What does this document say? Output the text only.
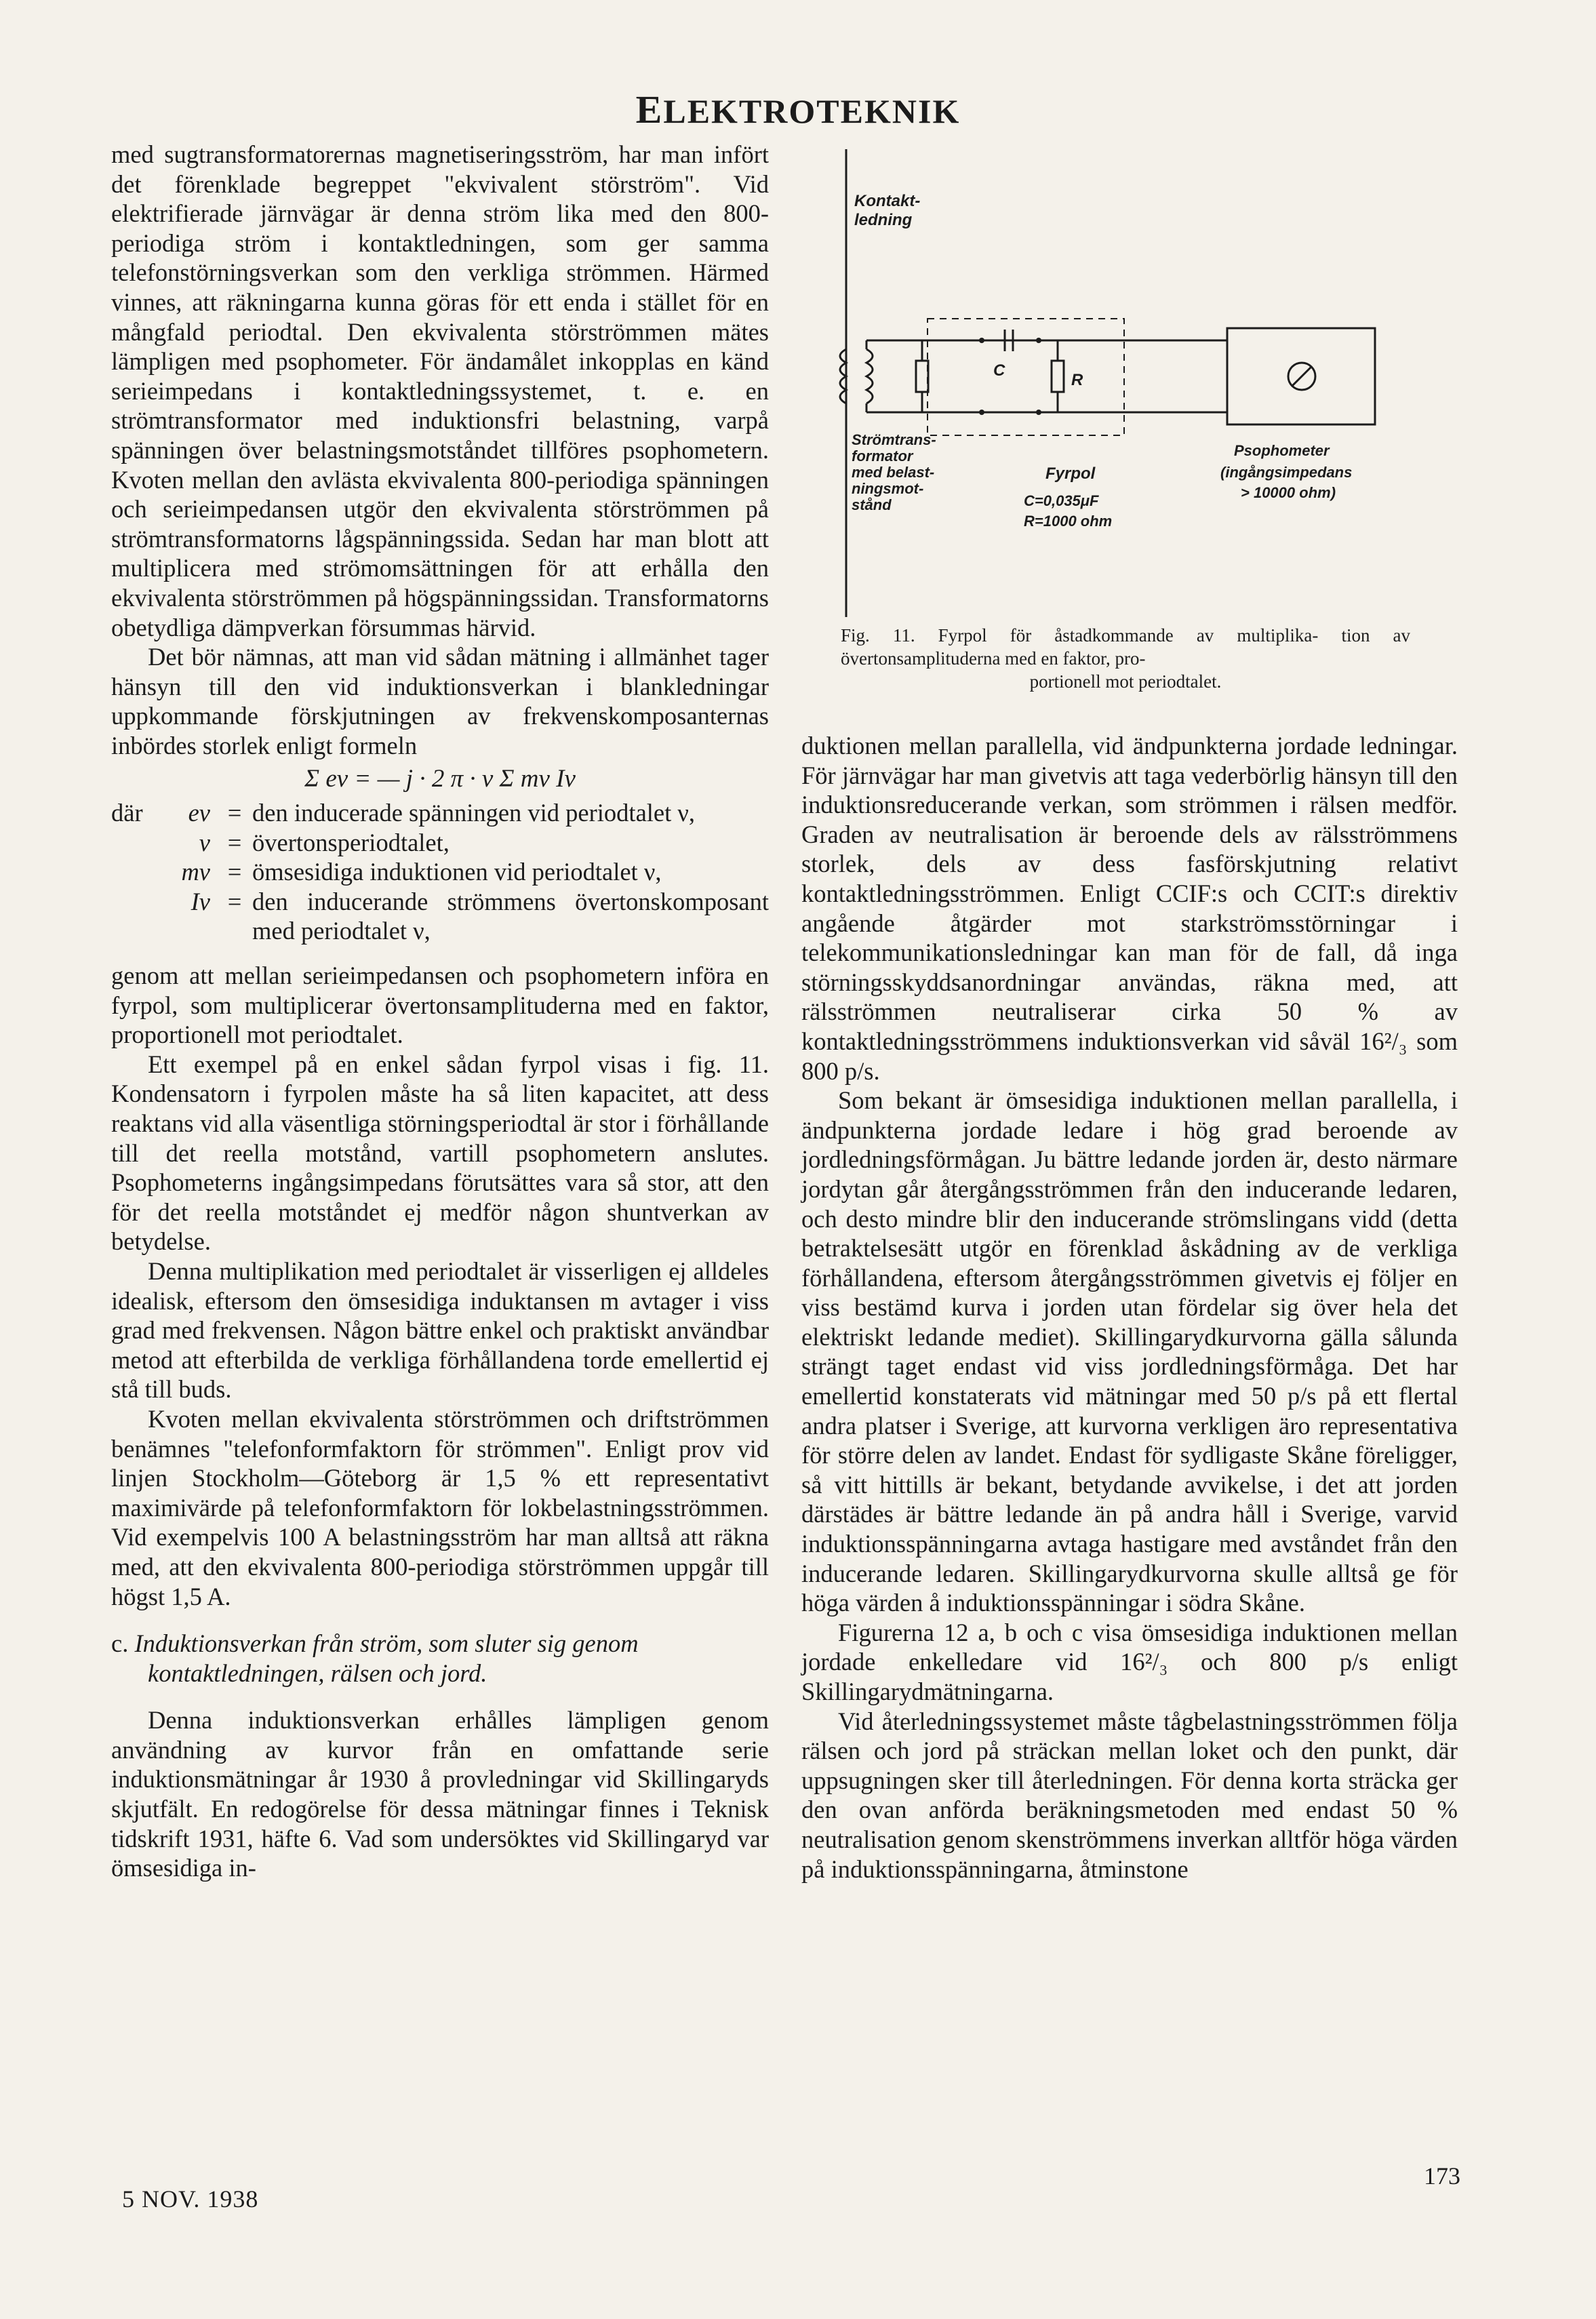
ELEKTROTEKNIK

med sugtransformatorernas magnetiseringsström, har man infört det förenklade begreppet "ekvivalent störström". Vid elektrifierade järnvägar är denna ström lika med den 800-periodiga ström i kontaktledningen, som ger samma telefonstörningsverkan som den verkliga strömmen. Härmed vinnes, att räkningarna kunna göras för ett enda i stället för en mångfald periodtal. Den ekvivalenta störströmmen mätes lämpligen med psophometer. För ändamålet inkopplas en känd serieimpedans i kontaktledningssystemet, t. e. en strömtransformator med induktionsfri belastning, varpå spänningen över belastningsmotståndet tillföres psophometern. Kvoten mellan den avlästa ekvivalenta 800-periodiga spänningen och serieimpedansen utgör den ekvivalenta störströmmen på strömtransformatorns lågspänningssida. Sedan har man blott att multiplicera med strömomsättningen för att erhålla den ekvivalenta störströmmen på högspänningssidan. Transformatorns obetydliga dämpverkan försummas härvid.

Det bör nämnas, att man vid sådan mätning i allmänhet tager hänsyn till den vid induktionsverkan i blankledningar uppkommande förskjutningen av frekvenskomposanternas inbördes storlek enligt formeln

Σ eν = — j · 2 π · ν Σ mν Iν
där	eν = den inducerade spänningen vid periodtalet ν,
ν = övertonsperiodtalet,
mν = ömsesidiga induktionen vid periodtalet ν,
Iν = den inducerande strömmens övertonskomposant med periodtalet ν,

genom att mellan serieimpedansen och psophometern införa en fyrpol, som multiplicerar övertonsamplituderna med en faktor, proportionell mot periodtalet.

Ett exempel på en enkel sådan fyrpol visas i fig. 11. Kondensatorn i fyrpolen måste ha så liten kapacitet, att dess reaktans vid alla väsentliga störningsperiodtal är stor i förhållande till det reella motstånd, vartill psophometern anslutes. Psophometerns ingångsimpedans förutsättes vara så stor, att den för det reella motståndet ej medför någon shuntverkan av betydelse.

Denna multiplikation med periodtalet är visserligen ej alldeles idealisk, eftersom den ömsesidiga induktansen m avtager i viss grad med frekvensen. Någon bättre enkel och praktiskt användbar metod att efterbilda de verkliga förhållandena torde emellertid ej stå till buds.

Kvoten mellan ekvivalenta störströmmen och driftströmmen benämnes "telefonformfaktorn för strömmen". Enligt prov vid linjen Stockholm—Göteborg är 1,5 % ett representativt maximivärde på telefonformfaktorn för lokbelastningsströmmen. Vid exempelvis 100 A belastningsström har man alltså att räkna med, att den ekvivalenta 800-periodiga störströmmen uppgår till högst 1,5 A.

c. Induktionsverkan från ström, som sluter sig genom
kontaktledningen, rälsen och jord.

Denna induktionsverkan erhålles lämpligen genom användning av kurvor från en omfattande serie induktionsmätningar år 1930 å provledningar vid Skillingaryds skjutfält. En redogörelse för dessa mätningar finnes i Teknisk tidskrift 1931, häfte 6. Vad som undersöktes vid Skillingaryd var ömsesidiga in-

Kontakt-
ledning
C
R
Strömtrans-
formator
med belast-
ningsmot-
stånd
Fyrpol
C=0,035μF
R=1000 ohm
Psophometer
(ingångsimpedans
> 10000 ohm)
Fig. 11. Fyrpol för åstadkommande av multiplika- tion av övertonsamplituderna med en faktor, pro-
portionell mot periodtalet.

duktionen mellan parallella, vid ändpunkterna jordade ledningar. För järnvägar har man givetvis att taga vederbörlig hänsyn till den induktionsreducerande verkan, som strömmen i rälsen medför. Graden av neutralisation är beroende dels av rälsströmmens storlek, dels av dess fasförskjutning relativt kontaktledningsströmmen. Enligt CCIF:s och CCIT:s direktiv angående åtgärder mot starkströmsstörningar i telekommunikationsledningar kan man för de fall, då inga störningsskyddsanordningar användas, räkna med, att rälsströmmen neutraliserar cirka 50 % av kontaktledningsströmmens induktionsverkan vid såväl 16²/₃ som 800 p/s.

Som bekant är ömsesidiga induktionen mellan parallella, i ändpunkterna jordade ledare i hög grad beroende av jordledningsförmågan. Ju bättre ledande jorden är, desto närmare jordytan går återgångsströmmen från den inducerande ledaren, och desto mindre blir den inducerande strömslingans vidd (detta betraktelsesätt utgör en förenklad åskådning av de verkliga förhållandena, eftersom återgångsströmmen givetvis ej följer en viss bestämd kurva i jorden utan fördelar sig över hela det elektriskt ledande mediet). Skillingarydkurvorna gälla sålunda strängt taget endast vid viss jordledningsförmåga. Det har emellertid konstaterats vid mätningar med 50 p/s på ett flertal andra platser i Sverige, att kurvorna verkligen äro representativa för större delen av landet. Endast för sydligaste Skåne föreligger, så vitt hittills är bekant, betydande avvikelse, i det att jorden därstädes är bättre ledande än på andra håll i Sverige, varvid induktionsspänningarna avtaga hastigare med avståndet från den inducerande ledaren. Skillingarydkurvorna skulle alltså ge för höga värden å induktionsspänningar i södra Skåne.

Figurerna 12 a, b och c visa ömsesidiga induktionen mellan jordade enkelledare vid 16²/₃ och 800 p/s enligt Skillingarydmätningarna.

Vid återledningssystemet måste tågbelastningsströmmen följa rälsen och jord på sträckan mellan loket och den punkt, där uppsugningen sker till återledningen. För denna korta sträcka ger den ovan anförda beräkningsmetoden med endast 50 % neutralisation genom skenströmmens inverkan alltför höga värden på induktionsspänningarna, åtminstone

5 NOV. 1938
173
